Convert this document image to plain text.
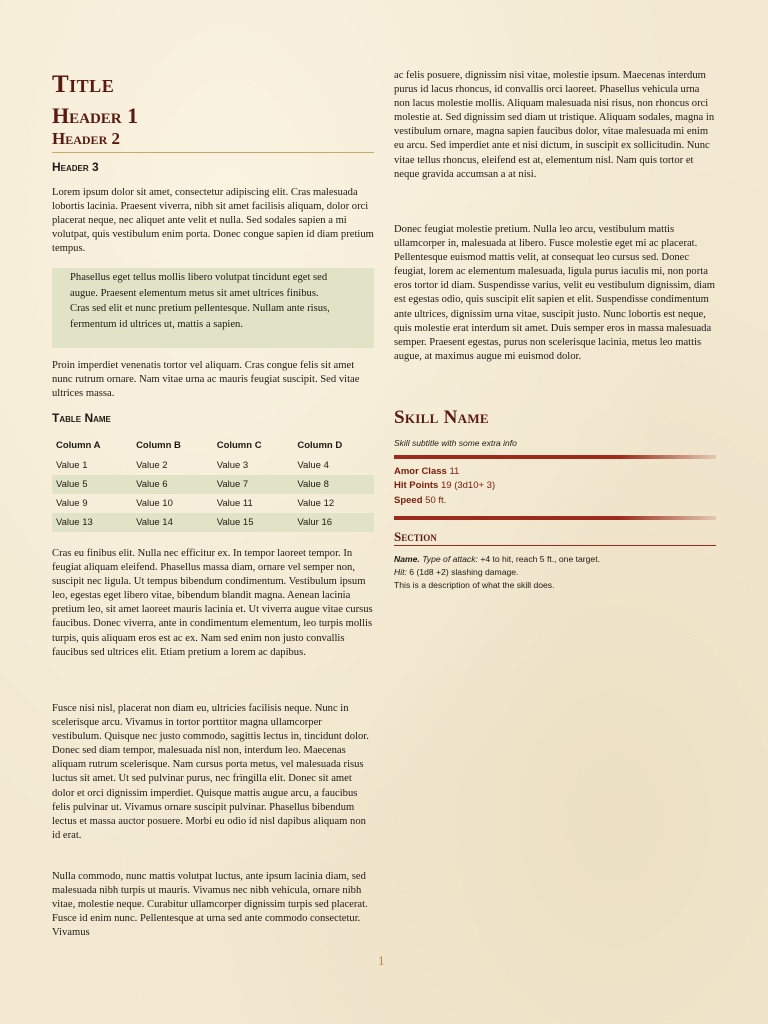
Title
Header 1
Header 2
Header 3

Lorem ipsum dolor sit amet, consectetur adipiscing elit. Cras malesuada lobortis lacinia. Praesent viverra, nibh sit amet facilisis aliquam, dolor orci placerat neque, nec aliquet ante velit et nulla. Sed sodales sapien a mi volutpat, quis vestibulum enim porta. Donec congue sapien id diam pretium tempus.

Phasellus eget tellus mollis libero volutpat tincidunt eget sed augue. Praesent elementum metus sit amet ultrices finibus. Cras sed elit et nunc pretium pellentesque. Nullam ante risus, fermentum id ultrices ut, mattis a sapien.

Proin imperdiet venenatis tortor vel aliquam. Cras congue felis sit amet nunc rutrum ornare. Nam vitae urna ac mauris feugiat suscipit. Sed vitae ultrices massa.

Table Name
Column A	Column B	Column C	Column D
Value 1	Value 2	Value 3	Value 4
Value 5	Value 6	Value 7	Value 8
Value 9	Value 10	Value 11	Value 12
Value 13	Value 14	Value 15	Valur 16

Cras eu finibus elit. Nulla nec efficitur ex. In tempor laoreet tempor. In feugiat aliquam eleifend. Phasellus massa diam, ornare vel semper non, suscipit nec ligula. Ut tempus bibendum condimentum. Vestibulum ipsum leo, egestas eget libero vitae, bibendum blandit magna. Aenean lacinia pretium leo, sit amet laoreet mauris lacinia et. Ut viverra augue vitae cursus faucibus. Donec viverra, ante in condimentum elementum, leo turpis mollis turpis, quis aliquam eros est ac ex. Nam sed enim non justo convallis faucibus sed ultrices elit. Etiam pretium a lorem ac dapibus.

Fusce nisi nisl, placerat non diam eu, ultricies facilisis neque. Nunc in scelerisque arcu. Vivamus in tortor porttitor magna ullamcorper vestibulum. Quisque nec justo commodo, sagittis lectus in, tincidunt dolor. Donec sed diam tempor, malesuada nisl non, interdum leo. Maecenas aliquam rutrum scelerisque. Nam cursus porta metus, vel malesuada risus luctus sit amet. Ut sed pulvinar purus, nec fringilla elit. Donec sit amet dolor et orci dignissim imperdiet. Quisque mattis augue arcu, a faucibus felis pulvinar ut. Vivamus ornare suscipit pulvinar. Phasellus bibendum lectus et massa auctor posuere. Morbi eu odio id nisl dapibus aliquam non id erat.

Nulla commodo, nunc mattis volutpat luctus, ante ipsum lacinia diam, sed malesuada nibh turpis ut mauris. Vivamus nec nibh vehicula, ornare nibh vitae, molestie neque. Curabitur ullamcorper dignissim turpis sed placerat. Fusce id enim nunc. Pellentesque at urna sed ante commodo consectetur. Vivamus

ac felis posuere, dignissim nisi vitae, molestie ipsum. Maecenas interdum purus id lacus rhoncus, id convallis orci laoreet. Phasellus vehicula urna non lacus molestie mollis. Aliquam malesuada nisi risus, non rhoncus orci molestie at. Sed dignissim sed diam ut tristique. Aliquam sodales, magna in vestibulum ornare, magna sapien faucibus dolor, vitae malesuada mi enim eu arcu. Sed imperdiet ante et nisi dictum, in suscipit ex sollicitudin. Nunc vitae tellus rhoncus, eleifend est at, elementum nisl. Nam quis tortor et neque gravida accumsan a at nisi.

Donec feugiat molestie pretium. Nulla leo arcu, vestibulum mattis ullamcorper in, malesuada at libero. Fusce molestie eget mi ac placerat. Pellentesque euismod mattis velit, at consequat leo cursus sed. Donec feugiat, lorem ac elementum malesuada, ligula purus iaculis mi, non porta eros tortor id diam. Suspendisse varius, velit eu vestibulum dignissim, diam est egestas odio, quis suscipit elit sapien et elit. Suspendisse condimentum ante ultrices, dignissim urna vitae, suscipit justo. Nunc lobortis est neque, quis molestie erat interdum sit amet. Duis semper eros in massa malesuada semper. Praesent egestas, purus non scelerisque lacinia, metus leo mattis augue, at maximus augue mi euismod dolor.

Skill Name

Skill subtitle with some extra info

Amor Class 11

Hit Points 19 (3d10+ 3)

Speed 50 ft.

Section

Name. Type of attack: +4 to hit, reach 5 ft., one target.
Hit: 6 (1d8 +2) slashing damage.

This is a description of what the skill does.

1
